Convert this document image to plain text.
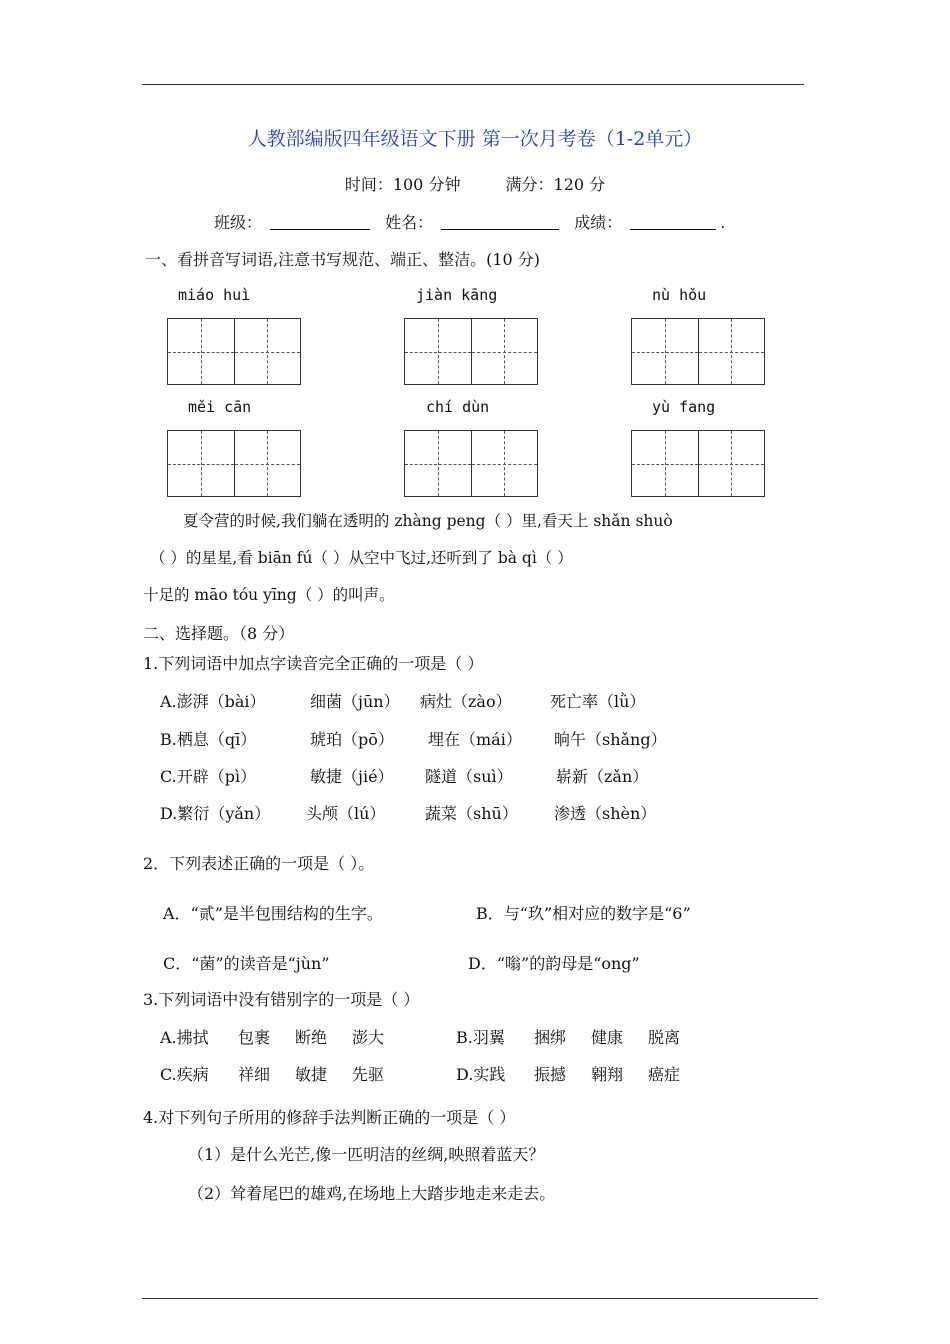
人教部编版四年级语文下册 第一次月考卷（1-2单元）
时间：100 分钟	满分：120 分
班级：	姓名：	成绩：	.
一、看拼音写词语,注意书写规范、端正、整洁。(10 分)
miáo huì	jiàn kāng	nù hǒu
měi cān	chí dùn	yù fang
夏令营的时候,我们躺在透明的 zhàng peng（ ）里,看天上 shǎn shuò
（ ）的星星,看 biān fú（ ）从空中飞过,还听到了 bà qì（ ）
十足的 māo tóu yīng（ ）的叫声。
二、选择题。（8 分）
1.下列词语中加点字读音完全正确的一项是（ ）
A.澎湃（bài）	细菌（jūn） 病灶（zào） 死亡率（lǜ）
B.栖息（qī）	琥珀（pō） 埋在（mái） 晌午（shǎng）
C.开辟（pì）	敏捷（jié） 隧道（suì）	崭新（zǎn）
D.繁衍（yǎn） 头颅（lú） 蔬菜（shū） 渗透（shèn）
2．下列表述正确的一项是（ ）。
A．“贰”是半包围结构的生字。	B．与“玖”相对应的数字是“6”
C．“菌”的读音是“jùn”	D．“嗡”的韵母是“ong”
3.下列词语中没有错别字的一项是（ ）
A.拂拭 包裹 断绝 澎大	B.羽翼 捆绑 健康 脱离
C.疾病 祥细 敏捷 先驱	D.实践 振撼 翱翔 癌症
4.对下列句子所用的修辞手法判断正确的一项是（ ）
（1）是什么光芒,像一匹明洁的丝绸,映照着蓝天？
（2）耸着尾巴的雄鸡,在场地上大踏步地走来走去。
